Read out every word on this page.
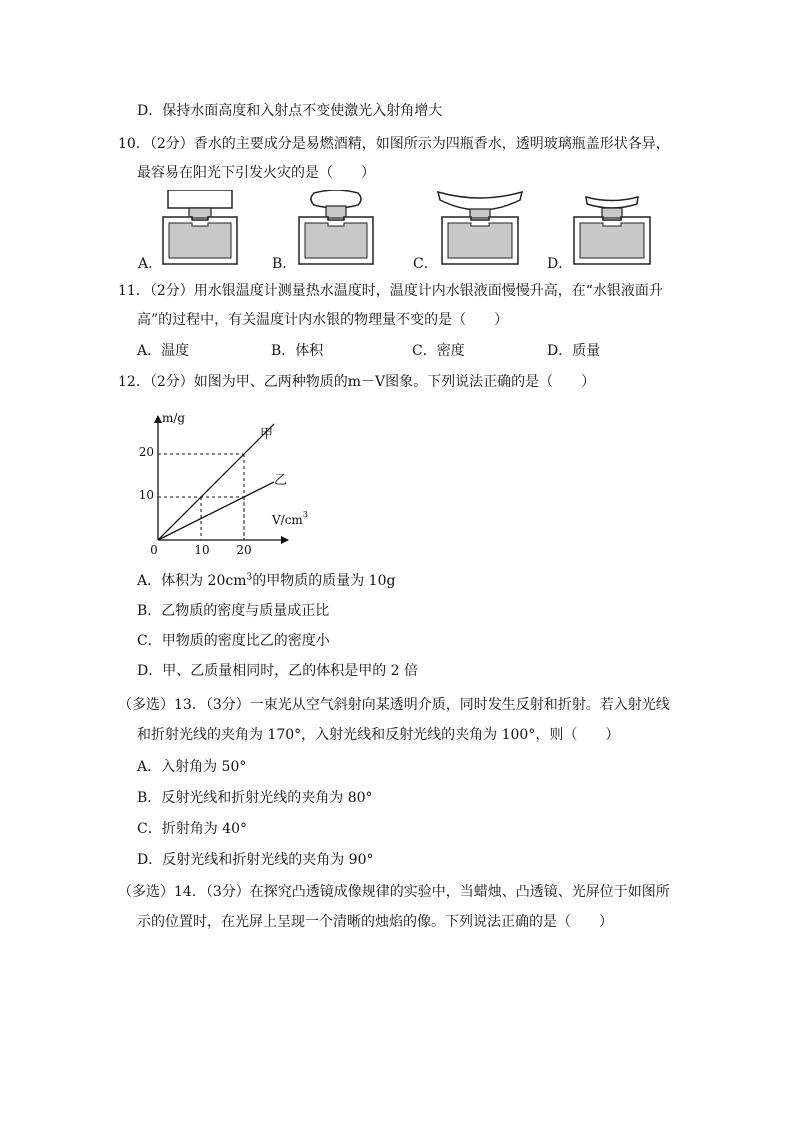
D．保持水面高度和入射点不变使激光入射角增大
10．（2分）香水的主要成分是易燃酒精，如图所示为四瓶香水，透明玻璃瓶盖形状各异，
最容易在阳光下引发火灾的是（　　）
A．	B．	C．	D．
11．（2分）用水银温度计测量热水温度时，温度计内水银液面慢慢升高，在“水银液面升
高”的过程中，有关温度计内水银的物理量不变的是（　　）
A．温度	B．体积	C．密度	D．质量
12．（2分）如图为甲、乙两种物质的m－V图象。下列说法正确的是（　　）
m/g
$V/cm^3$
0	10 20
20
10
甲
乙
A．体积为 $20cm^3$的甲物质的质量为 10g
B．乙物质的密度与质量成正比
C．甲物质的密度比乙的密度小
D．甲、乙质量相同时，乙的体积是甲的 2 倍
（多选）13．（3分）一束光从空气斜射向某透明介质，同时发生反射和折射。若入射光线
和折射光线的夹角为 170°，入射光线和反射光线的夹角为 100°，则（　　）
A．入射角为 50°
B．反射光线和折射光线的夹角为 80°
C．折射角为 40°
D．反射光线和折射光线的夹角为 90°
（多选）14．（3分）在探究凸透镜成像规律的实验中，当蜡烛、凸透镜、光屏位于如图所
示的位置时，在光屏上呈现一个清晰的烛焰的像。下列说法正确的是（　　）
